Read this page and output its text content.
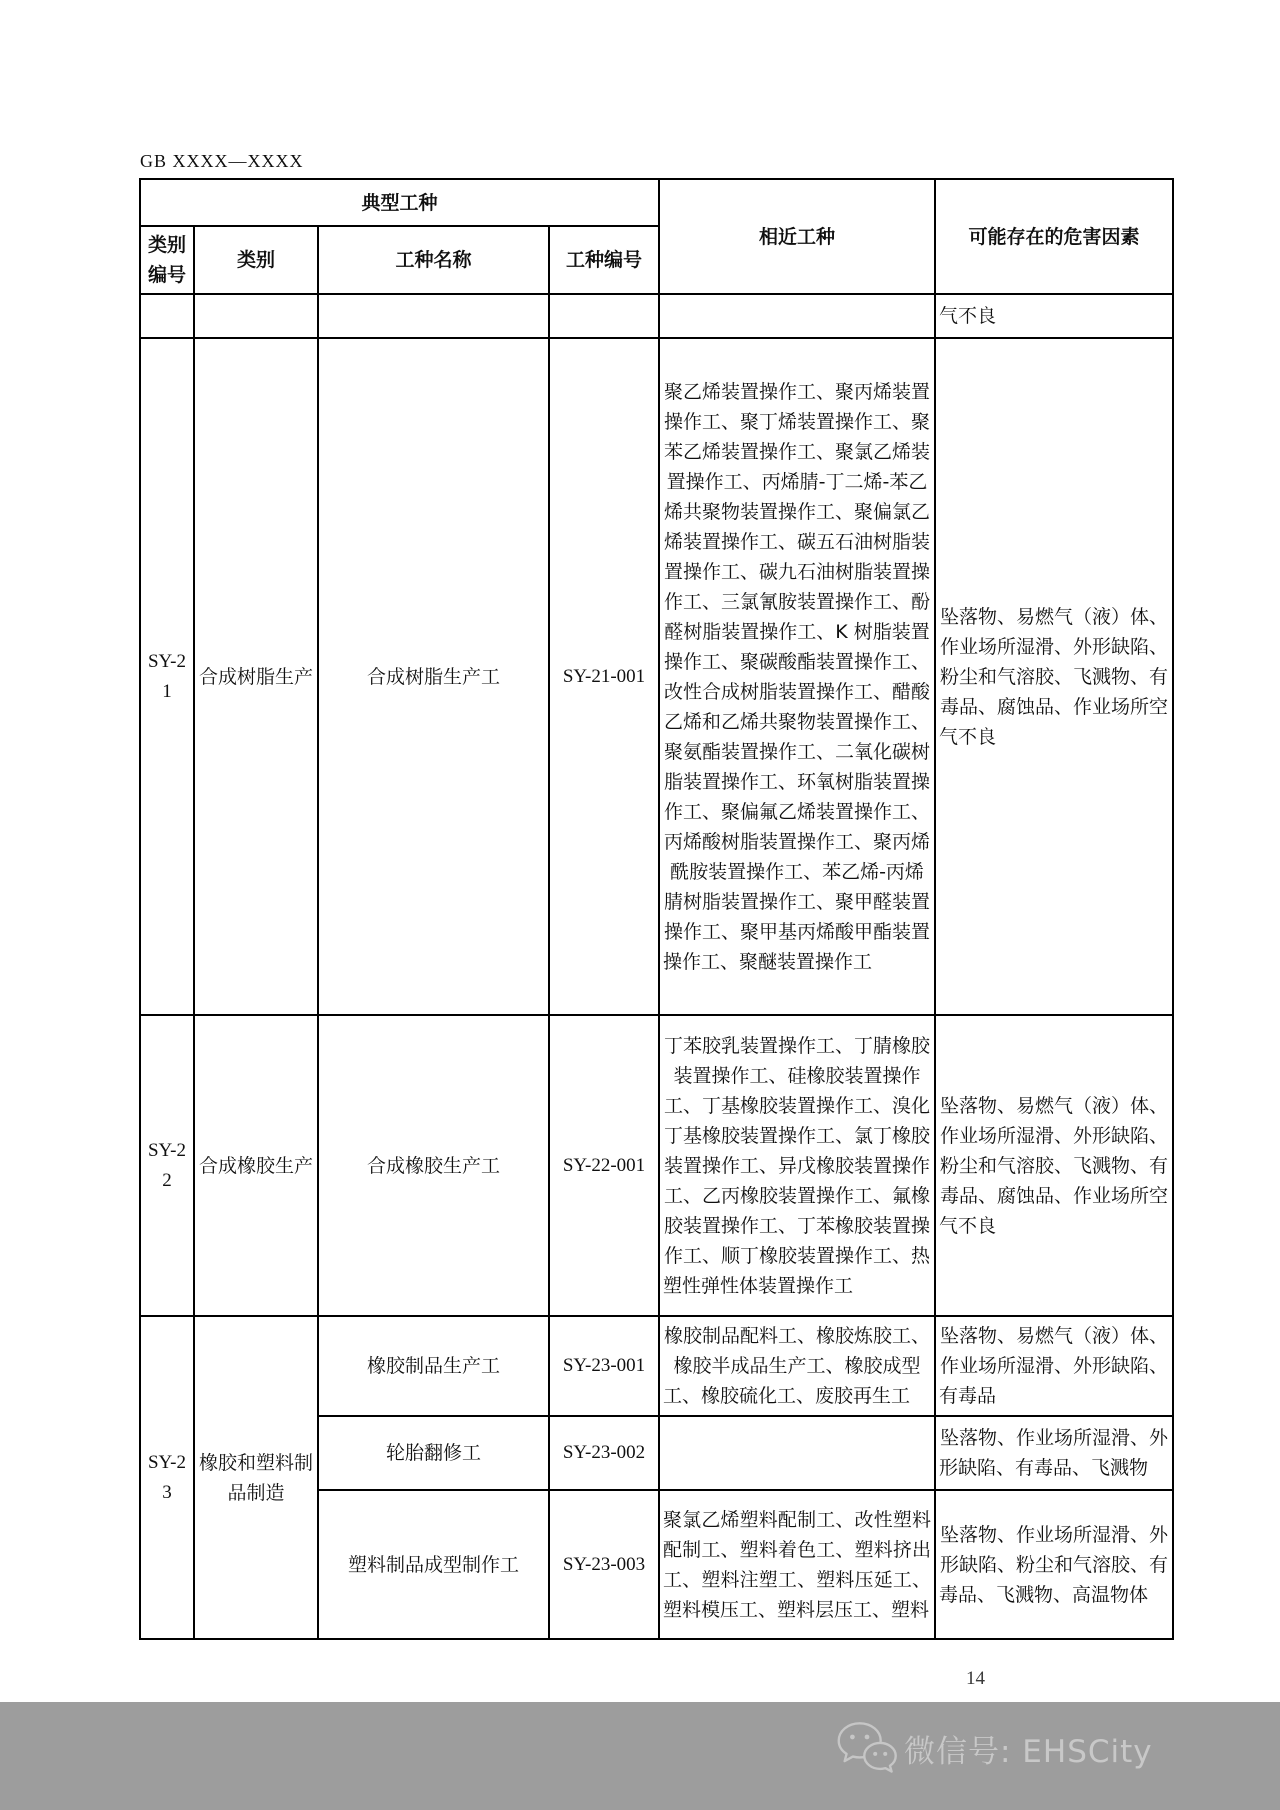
GB XXXX—XXXX
典型工种				相近工种	可能存在的危害因素
类别编号	类别	工种名称	工种编号		
					气不良
SY-21	合成树脂生产	合成树脂生产工	SY-21-001	聚乙烯装置操作工、聚丙烯装置操作工、聚丁烯装置操作工、聚苯乙烯装置操作工、聚氯乙烯装置操作工、丙烯腈-丁二烯-苯乙烯共聚物装置操作工、聚偏氯乙烯装置操作工、碳五石油树脂装置操作工、碳九石油树脂装置操作工、三氯氰胺装置操作工、酚醛树脂装置操作工、K 树脂装置操作工、聚碳酸酯装置操作工、改性合成树脂装置操作工、醋酸乙烯和乙烯共聚物装置操作工、聚氨酯装置操作工、二氧化碳树脂装置操作工、环氧树脂装置操作工、聚偏氟乙烯装置操作工、丙烯酸树脂装置操作工、聚丙烯酰胺装置操作工、苯乙烯-丙烯腈树脂装置操作工、聚甲醛装置操作工、聚甲基丙烯酸甲酯装置操作工、聚醚装置操作工	坠落物、易燃气（液）体、作业场所湿滑、外形缺陷、粉尘和气溶胶、飞溅物、有毒品、腐蚀品、作业场所空气不良
SY-22	合成橡胶生产	合成橡胶生产工	SY-22-001	丁苯胶乳装置操作工、丁腈橡胶装置操作工、硅橡胶装置操作工、丁基橡胶装置操作工、溴化丁基橡胶装置操作工、氯丁橡胶装置操作工、异戊橡胶装置操作工、乙丙橡胶装置操作工、氟橡胶装置操作工、丁苯橡胶装置操作工、顺丁橡胶装置操作工、热塑性弹性体装置操作工	坠落物、易燃气（液）体、作业场所湿滑、外形缺陷、粉尘和气溶胶、飞溅物、有毒品、腐蚀品、作业场所空气不良
SY-23	橡胶和塑料制品制造	橡胶制品生产工	SY-23-001	橡胶制品配料工、橡胶炼胶工、橡胶半成品生产工、橡胶成型工、橡胶硫化工、废胶再生工	坠落物、易燃气（液）体、作业场所湿滑、外形缺陷、有毒品
		轮胎翻修工	SY-23-002		坠落物、作业场所湿滑、外形缺陷、有毒品、飞溅物
		塑料制品成型制作工	SY-23-003	聚氯乙烯塑料配制工、改性塑料配制工、塑料着色工、塑料挤出工、塑料注塑工、塑料压延工、塑料模压工、塑料层压工、塑料	坠落物、作业场所湿滑、外形缺陷、粉尘和气溶胶、有毒品、飞溅物、高温物体
14
微信号: EHSCity
